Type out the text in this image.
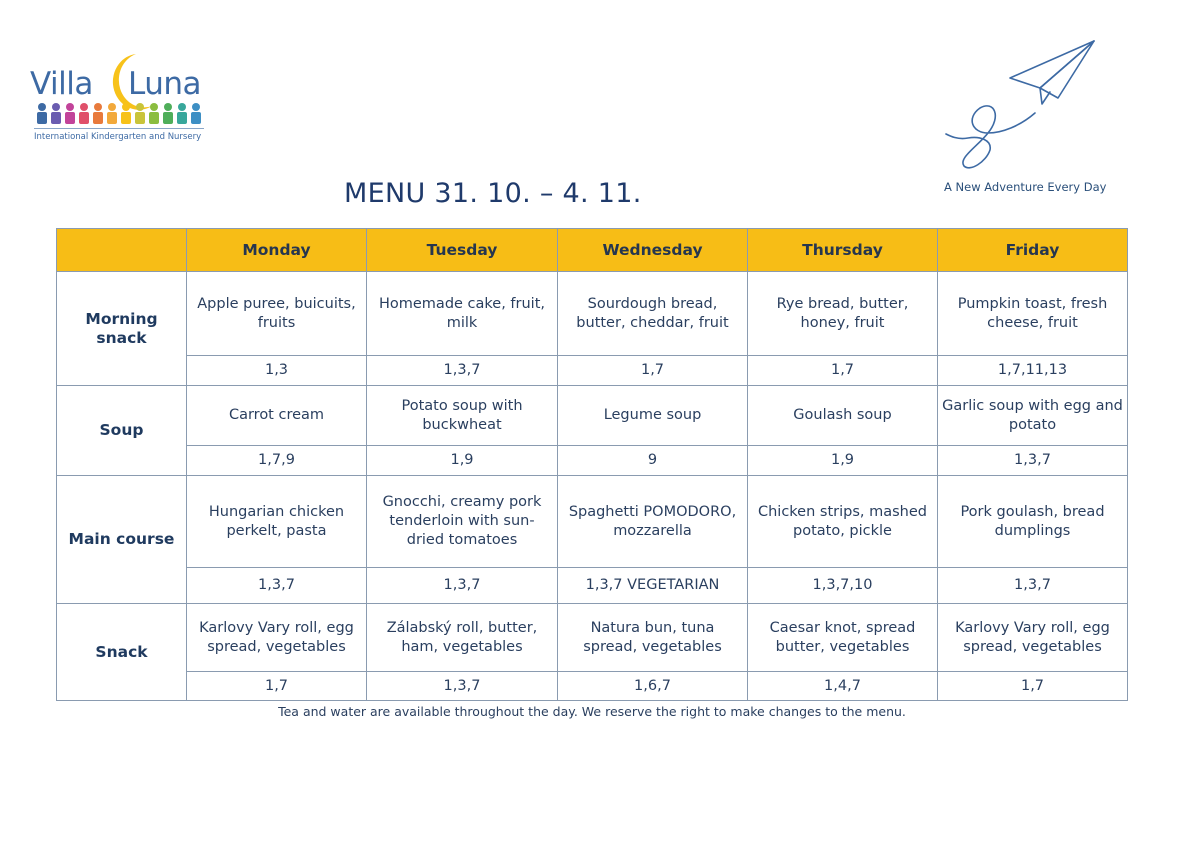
Villa Luna
International Kindergarten and Nursery
A New Adventure Every Day
MENU 31. 10. – 4. 11.
	Monday	Tuesday	Wednesday	Thursday	Friday
Morning snack	Apple puree, buicuits, fruits	Homemade cake, fruit, milk	Sourdough bread, butter, cheddar, fruit	Rye bread, butter, honey, fruit	Pumpkin toast, fresh cheese, fruit
	1,3	1,3,7	1,7	1,7	1,7,11,13
Soup	Carrot cream	Potato soup with buckwheat	Legume soup	Goulash soup	Garlic soup with egg and potato
	1,7,9	1,9	9	1,9	1,3,7
Main course	Hungarian chicken perkelt, pasta	Gnocchi, creamy pork tenderloin with sun-dried tomatoes	Spaghetti POMODORO, mozzarella	Chicken strips, mashed potato, pickle	Pork goulash, bread dumplings
	1,3,7	1,3,7	1,3,7 VEGETARIAN	1,3,7,10	1,3,7
Snack	Karlovy Vary roll, egg spread, vegetables	Zálabský roll, butter, ham, vegetables	Natura bun, tuna spread, vegetables	Caesar knot, spread butter, vegetables	Karlovy Vary roll, egg spread, vegetables
	1,7	1,3,7	1,6,7	1,4,7	1,7
Tea and water are available throughout the day. We reserve the right to make changes to the menu.
